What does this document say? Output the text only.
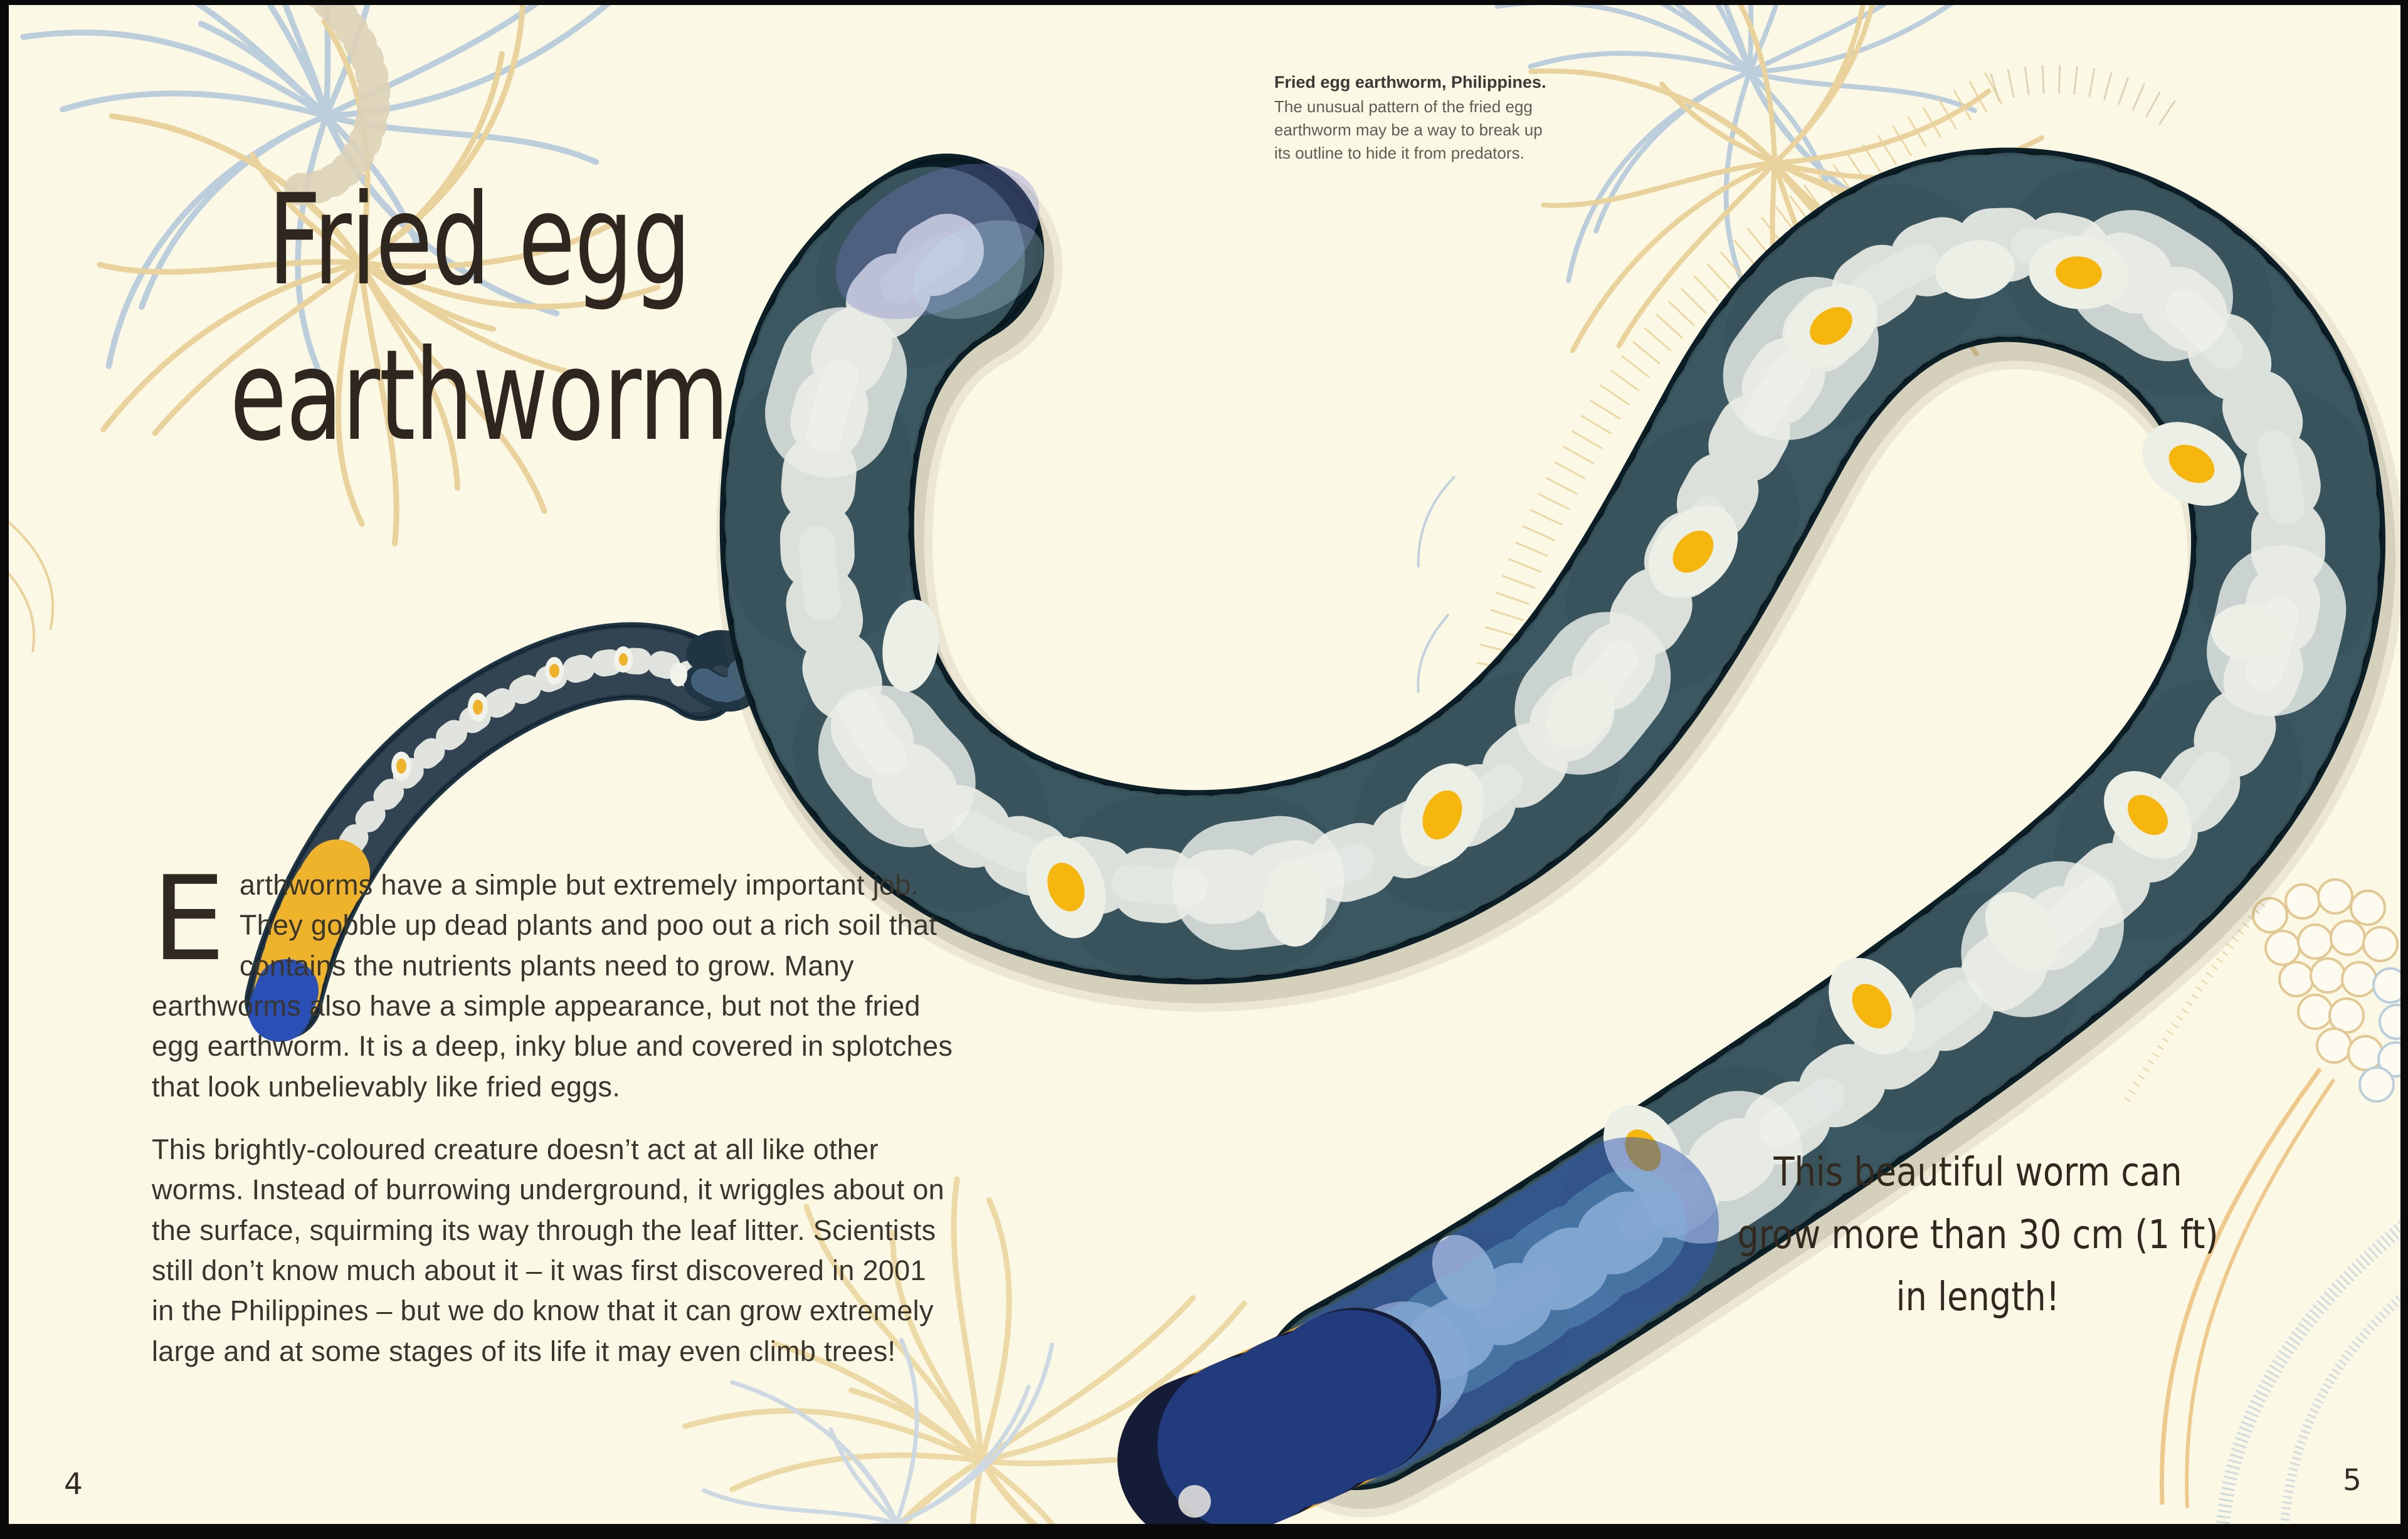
Fried egg
earthworm
Fried egg earthworm, Philippines.
The unusual pattern of the fried egg
earthworm may be a way to break up
its outline to hide it from predators.

Earthworms have a simple but extremely important job. They gobble up dead plants and poo out a rich soil that contains the nutrients plants need to grow. Many earthworms also have a simple appearance, but not the fried egg earthworm. It is a deep, inky blue and covered in splotches that look unbelievably like fried eggs.

This brightly-coloured creature doesn’t act at all like other worms. Instead of burrowing underground, it wriggles about on the surface, squirming its way through the leaf litter. Scientists still don’t know much about it – it was first discovered in 2001 in the Philippines – but we do know that it can grow extremely large and at some stages of its life it may even climb trees!

This beautiful worm can
grow more than 30 cm (1 ft)
in length!
4	5
